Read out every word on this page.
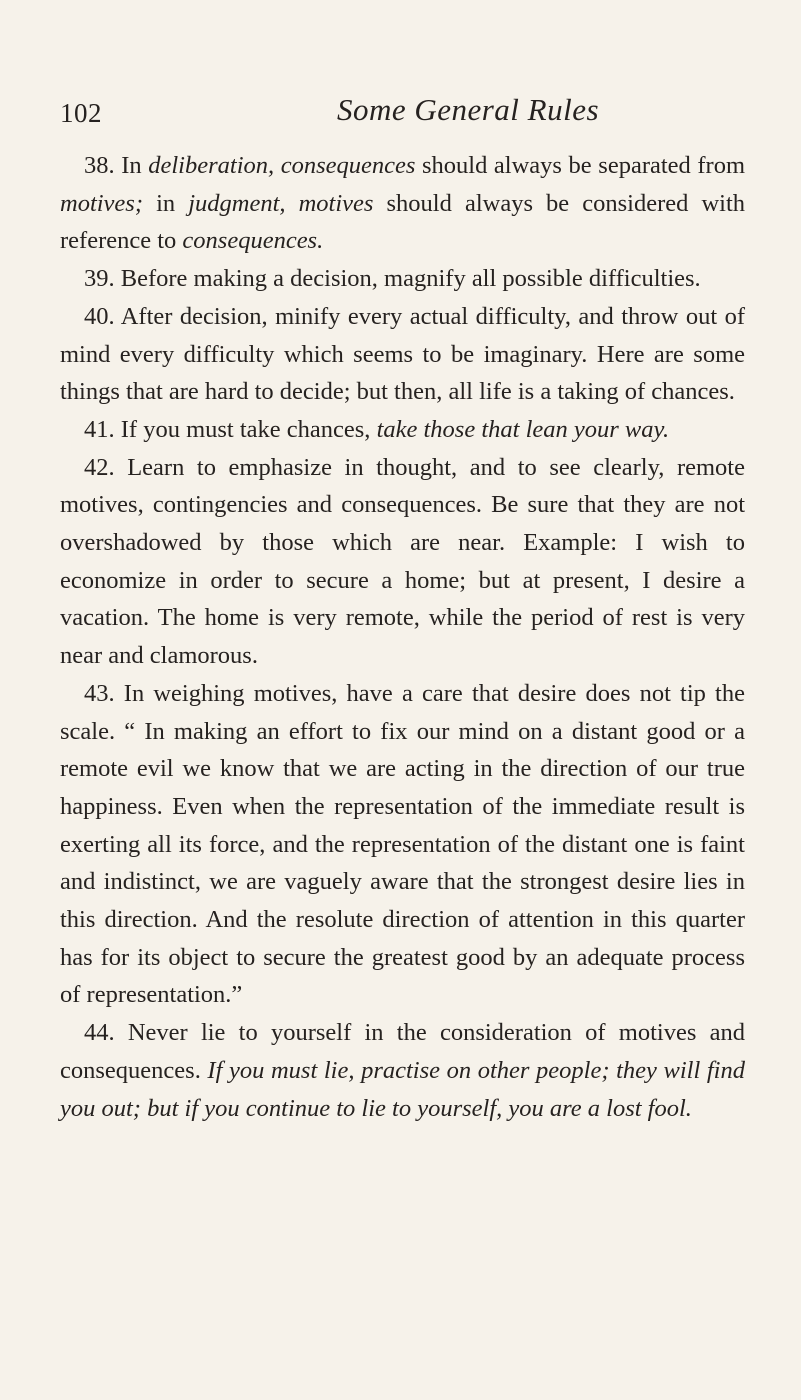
102	Some General Rules

38. In deliberation, consequences should always be separated from motives; in judgment, motives should always be considered with reference to consequences.

39. Before making a decision, magnify all possible difficulties.

40. After decision, minify every actual difficulty, and throw out of mind every difficulty which seems to be imaginary. Here are some things that are hard to decide; but then, all life is a taking of chances.

41. If you must take chances, take those that lean your way.

42. Learn to emphasize in thought, and to see clearly, remote motives, contingencies and consequences. Be sure that they are not overshadowed by those which are near. Example: I wish to economize in order to secure a home; but at present, I desire a vacation. The home is very remote, while the period of rest is very near and clamorous.

43. In weighing motives, have a care that desire does not tip the scale. “ In making an effort to fix our mind on a distant good or a remote evil we know that we are acting in the direction of our true happiness. Even when the representation of the immediate result is exerting all its force, and the representation of the distant one is faint and indistinct, we are vaguely aware that the strongest desire lies in this direction. And the resolute direction of attention in this quarter has for its object to secure the greatest good by an adequate process of representation.”

44. Never lie to yourself in the consideration of motives and consequences. If you must lie, practise on other people; they will find you out; but if you continue to lie to yourself, you are a lost fool.
